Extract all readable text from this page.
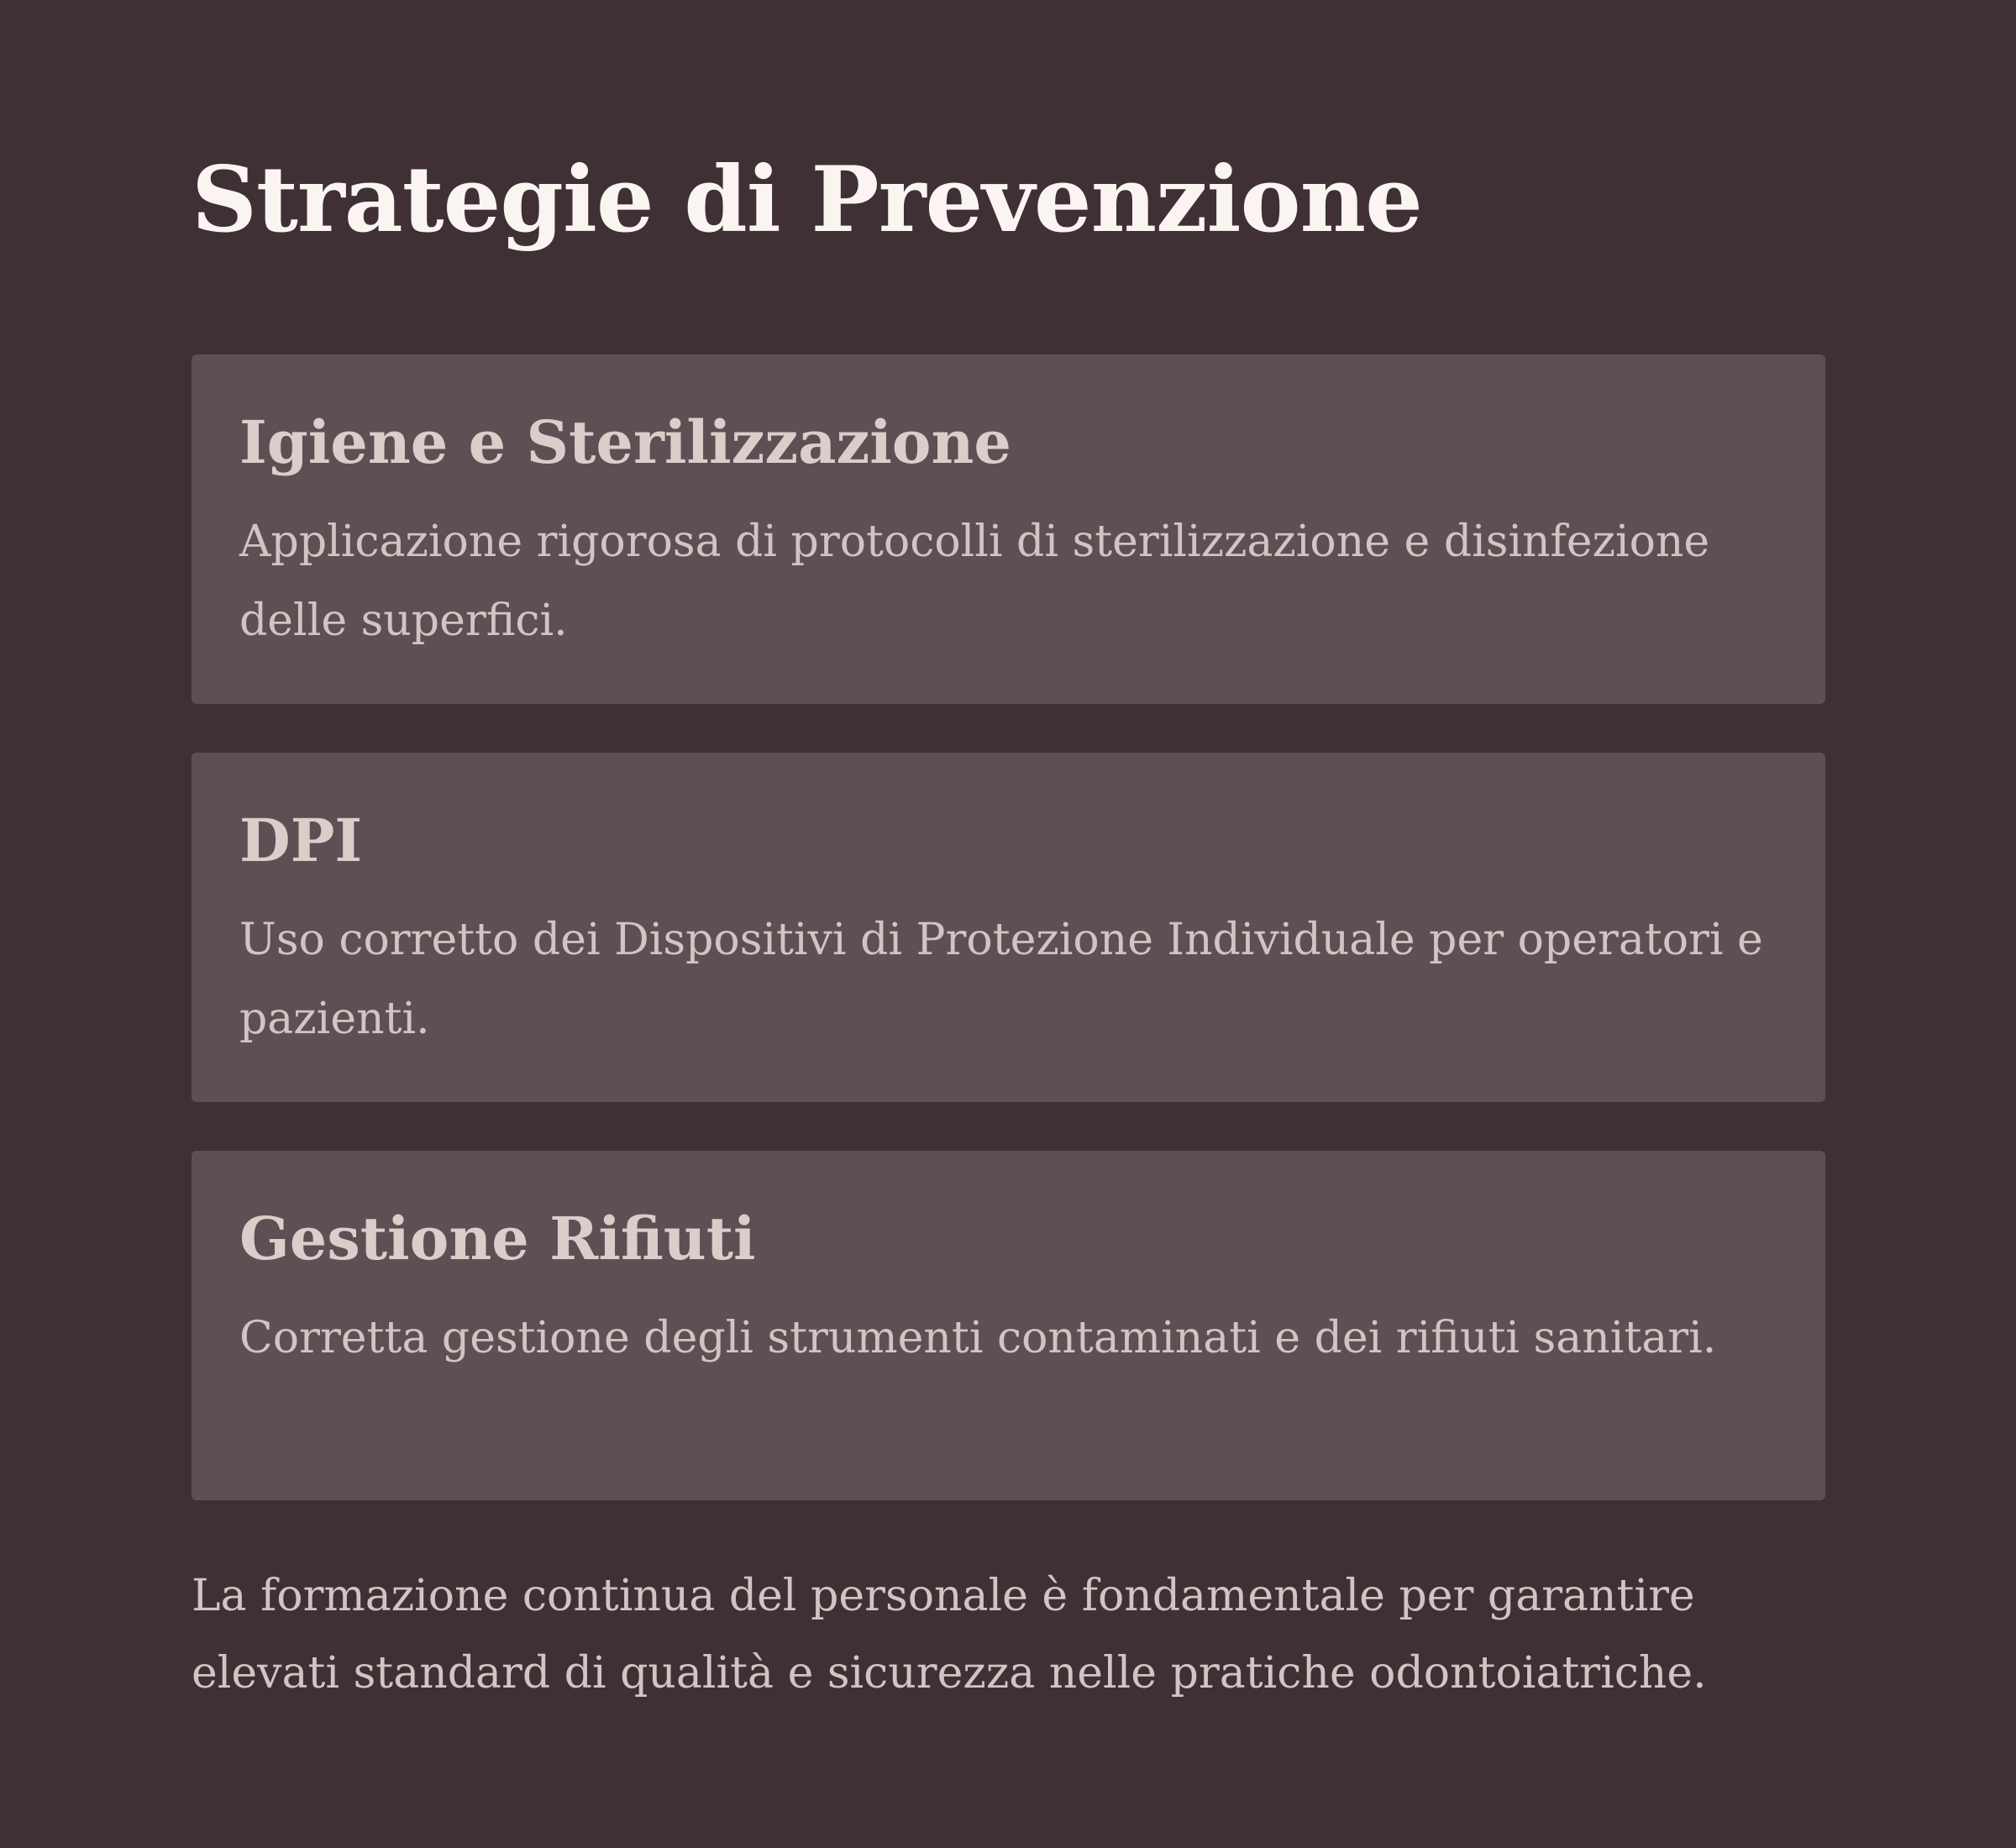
Strategie di Prevenzione
Igiene e Sterilizzazione

Applicazione rigorosa di protocolli di sterilizzazione e disinfezione delle superfici.

DPI

Uso corretto dei Dispositivi di Protezione Individuale per operatori e pazienti.

Gestione Rifiuti

Corretta gestione degli strumenti contaminati e dei rifiuti sanitari.

La formazione continua del personale è fondamentale per garantire elevati standard di qualità e sicurezza nelle pratiche odontoiatriche.
